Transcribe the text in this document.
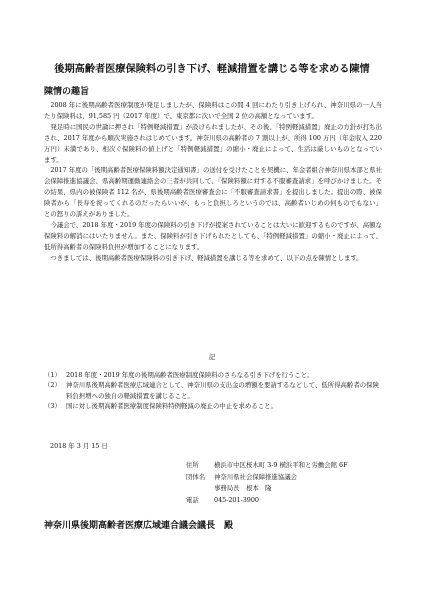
後期高齢者医療保険料の引き下げ、軽減措置を講じる等を求める陳情
陳情の趣旨

2008 年に後期高齢者医療制度が発足しましたが、保険料はこの間 4 回にわたり引き上げられ、神奈川県の一人当たり保険料は、91,585 円（2017 年度）で、東京都に次いで全国 2 位の高額となっています。

発足時に国民の世論に押され「特例軽減措置」が設けられましたが、その後、「特例軽減措置」廃止の方針が打ち出され、2017 年度から順次実施されはじめています。神奈川県の高齢者の 7 割以上が、所得 100 万円（年金収入 220 万円）未満であり、相次ぐ保険料の値上げと「特例軽減措置」の縮小・廃止によって、生活は厳しいものとなっています。

2017 年度の「後期高齢者医療保険料額決定通知書」の送付を受けたことを契機に、年金者組合神奈川県本部と県社会保障推進協議会、県高齢期運動連絡会の三者が共同して、「保険料額に対する不服審査請求」を呼びかけました。その結果、県内の被保険者 112 名が、県後期高齢者医療審査会に「不服審査請求書」を提出しました。提出の際、被保険者から「長寿を祝ってくれるのだったらいいが、もっと負担しろというのでは、高齢者いじめの何ものでもない」との怒りの訴えがありました。

今議会で、2018 年度・2019 年度の保険料の引き下げが提案されていることは大いに歓迎するものですが、高額な保険料の解消にはいたりません。また、保険料が引き下げられたとしても、「特例軽減措置」の縮小・廃止によって、低所得高齢者の保険料負担が増加することになります。

つきましては、後期高齢者医療保険料の引き下げ、軽減措置を講じる等を求めて、以下の点を陳情とします。

記
（1） 2018 年度・2019 年度の後期高齢者医療制度保険料のさらなる引き下げを行うこと。
（2） 神奈川県後期高齢者医療広域連合として、神奈川県の支出金の増額を要請するなどして、低所得高齢者の保険料負担増への独自の軽減措置を講じること。
（3） 国に対し後期高齢者医療制度保険料特例軽減の廃止の中止を求めること。
2018 年 3 月 15 日
住所	横浜市中区桜木町 3-9 横浜平和と労働会館 6F
団体名	神奈川県社会保障推進協議会
事務局長　根本　隆
電話	045-201-3900
神奈川県後期高齢者医療広域連合議会議長　殿
